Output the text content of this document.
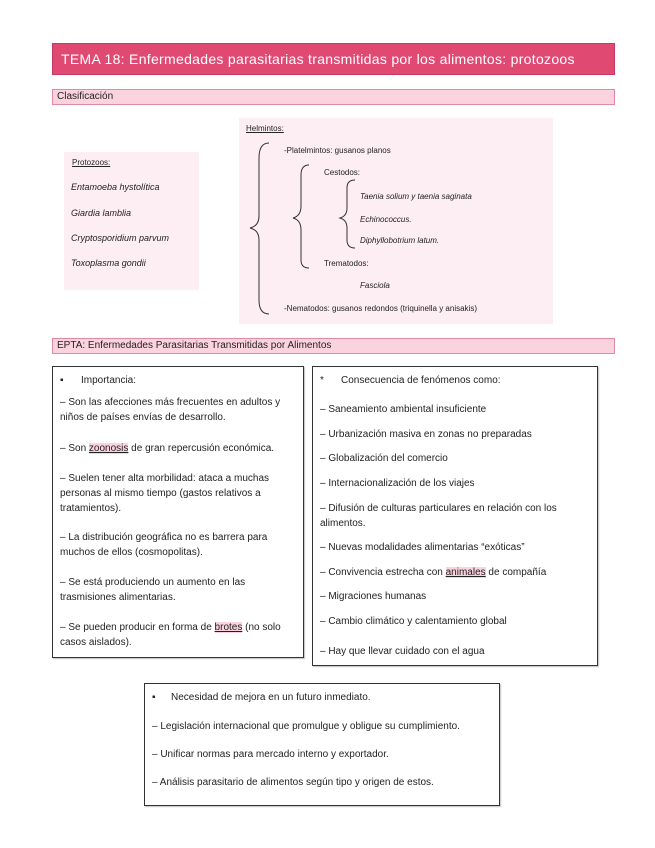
TEMA 18: Enfermedades parasitarias transmitidas por los alimentos: protozoos
Clasificación
Protozoos:
Entamoeba hystolítica
Giardia lamblia
Cryptosporidium parvum
Toxoplasma gondii
Helmintos:
-Platelmintos: gusanos planos
Cestodos:
Taenia solium y taenia saginata
Echinococcus.
Diphyllobotrium latum.
Trematodos:
Fasciola
-Nematodos: gusanos redondos (triquinella y anisakis)
EPTA: Enfermedades Parasitarias Transmitidas por Alimentos
▪ Importancia:
– Son las afecciones más frecuentes en adultos y niños de países envías de desarrollo.
– Son zoonosis de gran repercusión económica.
– Suelen tener alta morbilidad: ataca a muchas personas al mismo tiempo (gastos relativos a tratamientos).
– La distribución geográfica no es barrera para muchos de ellos (cosmopolitas).
– Se está produciendo un aumento en las trasmisiones alimentarias.
– Se pueden producir en forma de brotes (no solo casos aislados).
* Consecuencia de fenómenos como:
– Saneamiento ambiental insuficiente
– Urbanización masiva en zonas no preparadas
– Globalización del comercio
– Internacionalización de los viajes
– Difusión de culturas particulares en relación con los alimentos.
– Nuevas modalidades alimentarias “exóticas”
– Convivencia estrecha con animales de compañía
– Migraciones humanas
– Cambio climático y calentamiento global
– Hay que llevar cuidado con el agua
▪ Necesidad de mejora en un futuro inmediato.
– Legislación internacional que promulgue y obligue su cumplimiento.
– Unificar normas para mercado interno y exportador.
– Análisis parasitario de alimentos según tipo y origen de estos.
